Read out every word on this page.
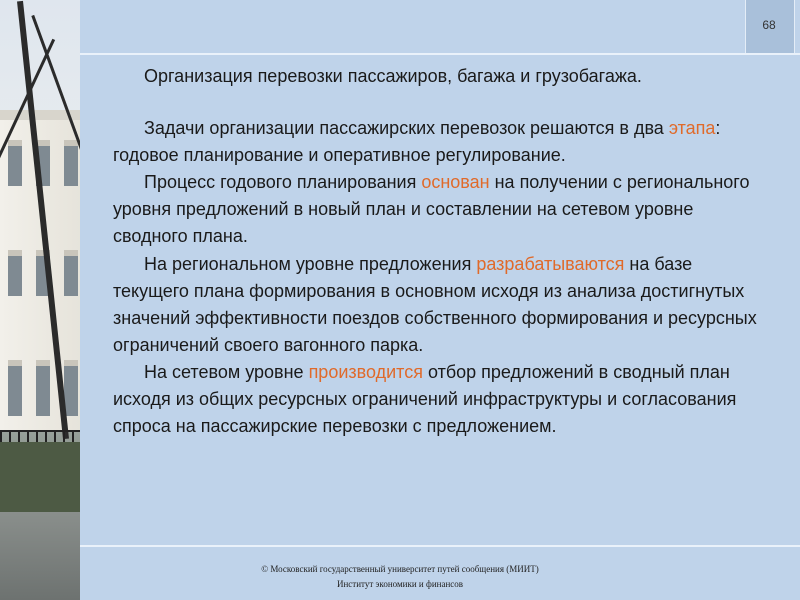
68

Организация перевозки пассажиров, багажа и грузобагажа.

Задачи организации пассажирских перевозок решаются в два этапа: годовое планирование и оперативное регулирование.

Процесс годового планирования основан на получении с регионального уровня предложений в новый план и составлении на сетевом уровне сводного плана.

На региональном уровне предложения разрабатываются на базе текущего плана формирования в основном исходя из анализа достигнутых значений эффективности поездов собственного формирования и ресурсных ограничений своего вагонного парка.

На сетевом уровне производится отбор предложений в сводный план исходя из общих ресурсных ограничений инфраструктуры и согласования спроса на пассажирские перевозки с предложением.

© Московский государственный университет путей сообщения (МИИТ)
Институт экономики и финансов
